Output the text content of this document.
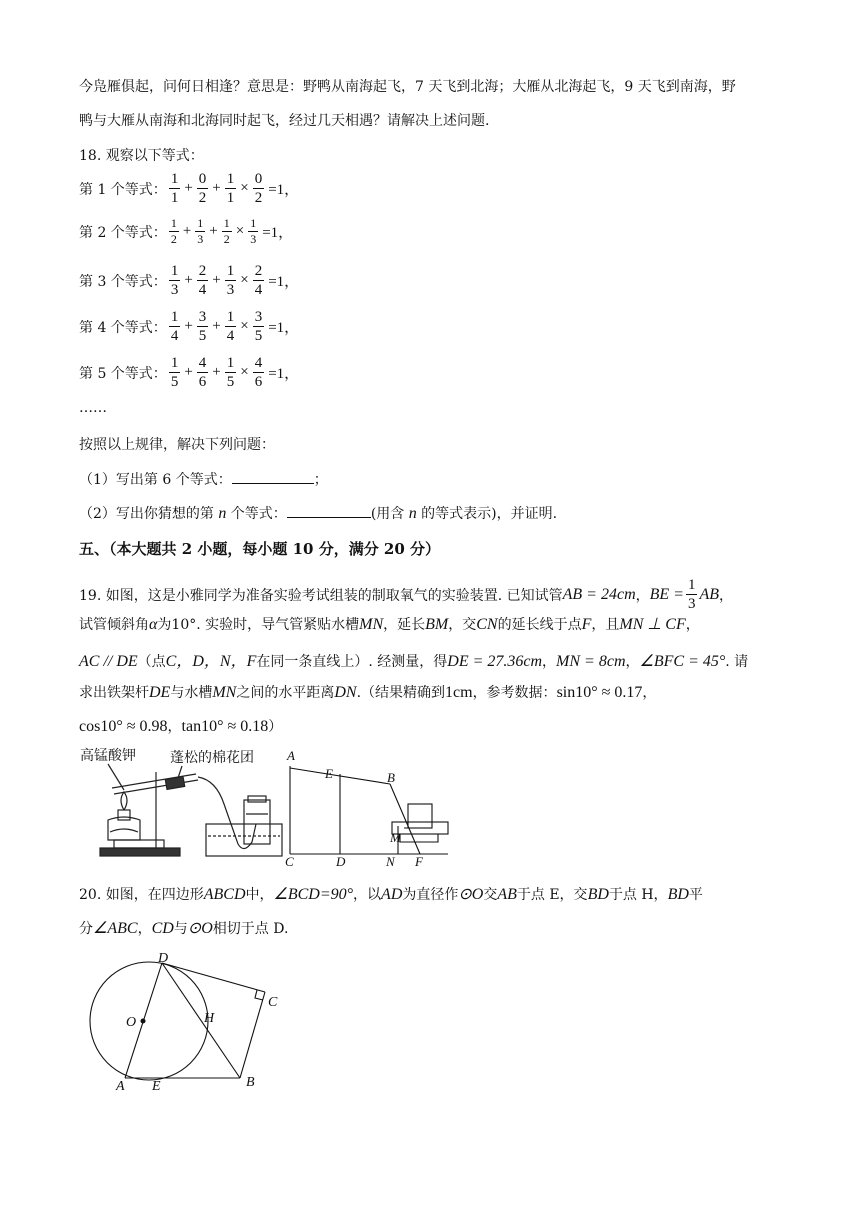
今凫雁俱起，问何日相逢？意思是：野鸭从南海起飞，7 天飞到北海；大雁从北海起飞，9 天飞到南海，野
鸭与大雁从南海和北海同时起飞，经过几天相遇？请解决上述问题.
18. 观察以下等式：
第 1 个等式： $\frac{1}{1} + \frac{0}{2} + \frac{1}{1} \times \frac{0}{2} =1$，
第 2 个等式： $\frac{1}{2} + \frac{1}{3} + \frac{1}{2} \times \frac{1}{3} =1$，
第 3 个等式： $\frac{1}{3} + \frac{2}{4} + \frac{1}{3} \times \frac{2}{4} =1$，
第 4 个等式： $\frac{1}{4} + \frac{3}{5} + \frac{1}{4} \times \frac{3}{5} =1$，
第 5 个等式： $\frac{1}{5} + \frac{4}{6} + \frac{1}{5} \times \frac{4}{6} =1$，
……
按照以上规律，解决下列问题：
（1）写出第 6 个等式：	；
（2）写出你猜想的第 n 个等式：	(用含 n 的等式表示)，并证明.
五、（本大题共 2 小题，每小题 10 分，满分 20 分）
19. 如图，这是小雅同学为准备实验考试组装的制取氧气的实验装置. 已知试管 AB = 24cm ， BE = $\frac{1}{3}$ AB ，
试管倾斜角α为10°. 实验时，导气管紧贴水槽MN，延长BM，交CN的延长线于点F，且MN ⊥ CF，
AC // DE（点C，D，N，F在同一条直线上）. 经测量，得DE = 27.36cm，MN = 8cm，∠BFC = 45°. 请
求出铁架杆DE与水槽MN之间的水平距离DN.（结果精确到1cm，参考数据：sin10° ≈ 0.17，
cos10° ≈ 0.98，tan10° ≈ 0.18）
高锰酸钾 蓬松的棉花团	A
E	B
M
C	D	N F
20. 如图，在四边形ABCD中，∠BCD=90°，以AD为直径作⊙O交AB于点 E，交BD于点 H，BD平
分∠ABC，CD与⊙O相切于点 D.
D
C
O	H
A E	B
